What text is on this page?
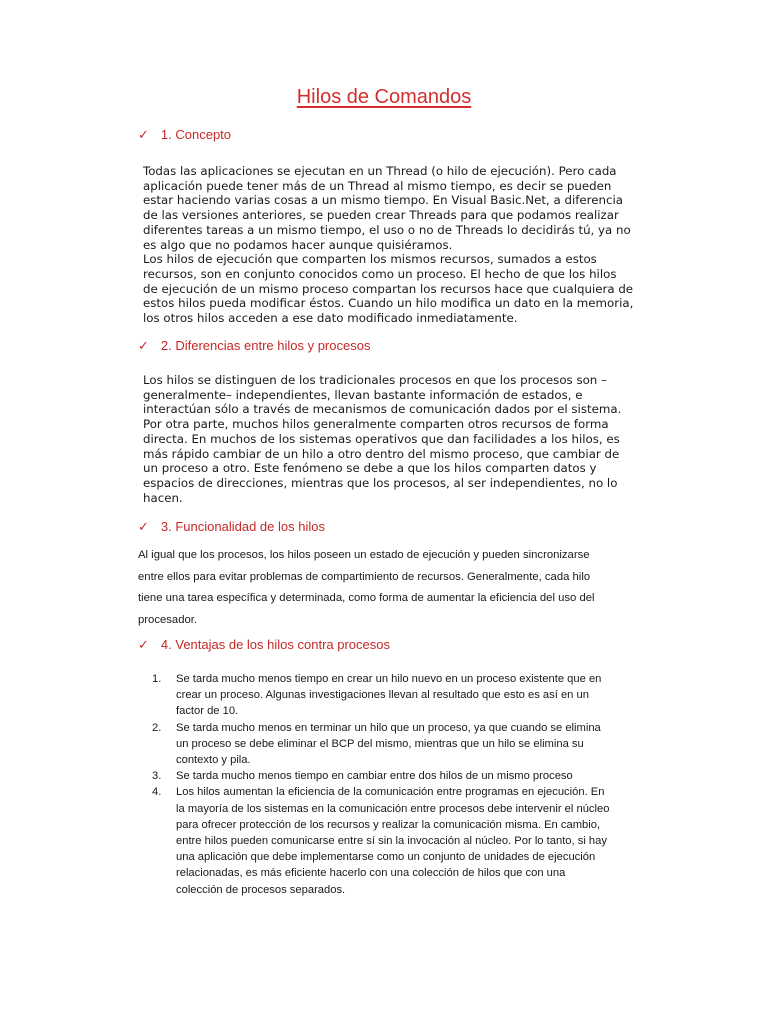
Hilos de Comandos
✓ 1. Concepto
Todas las aplicaciones se ejecutan en un Thread (o hilo de ejecución). Pero cada
aplicación puede tener más de un Thread al mismo tiempo, es decir se pueden
estar haciendo varias cosas a un mismo tiempo. En Visual Basic.Net, a diferencia
de las versiones anteriores, se pueden crear Threads para que podamos realizar
diferentes tareas a un mismo tiempo, el uso o no de Threads lo decidirás tú, ya no
es algo que no podamos hacer aunque quisiéramos.
Los hilos de ejecución que comparten los mismos recursos, sumados a estos
recursos, son en conjunto conocidos como un proceso. El hecho de que los hilos
de ejecución de un mismo proceso compartan los recursos hace que cualquiera de
estos hilos pueda modificar éstos. Cuando un hilo modifica un dato en la memoria,
los otros hilos acceden a ese dato modificado inmediatamente.
✓ 2. Diferencias entre hilos y procesos
Los hilos se distinguen de los tradicionales procesos en que los procesos son –
generalmente– independientes, llevan bastante información de estados, e
interactúan sólo a través de mecanismos de comunicación dados por el sistema.
Por otra parte, muchos hilos generalmente comparten otros recursos de forma
directa. En muchos de los sistemas operativos que dan facilidades a los hilos, es
más rápido cambiar de un hilo a otro dentro del mismo proceso, que cambiar de
un proceso a otro. Este fenómeno se debe a que los hilos comparten datos y
espacios de direcciones, mientras que los procesos, al ser independientes, no lo
hacen.
✓ 3. Funcionalidad de los hilos
Al igual que los procesos, los hilos poseen un estado de ejecución y pueden sincronizarse
entre ellos para evitar problemas de compartimiento de recursos. Generalmente, cada hilo
tiene una tarea específica y determinada, como forma de aumentar la eficiencia del uso del
procesador.
✓ 4. Ventajas de los hilos contra procesos
1. Se tarda mucho menos tiempo en crear un hilo nuevo en un proceso existente que en
crear un proceso. Algunas investigaciones llevan al resultado que esto es así en un
factor de 10.
2. Se tarda mucho menos en terminar un hilo que un proceso, ya que cuando se elimina
un proceso se debe eliminar el BCP del mismo, mientras que un hilo se elimina su
contexto y pila.
3. Se tarda mucho menos tiempo en cambiar entre dos hilos de un mismo proceso
4. Los hilos aumentan la eficiencia de la comunicación entre programas en ejecución. En
la mayoría de los sistemas en la comunicación entre procesos debe intervenir el núcleo
para ofrecer protección de los recursos y realizar la comunicación misma. En cambio,
entre hilos pueden comunicarse entre sí sin la invocación al núcleo. Por lo tanto, si hay
una aplicación que debe implementarse como un conjunto de unidades de ejecución
relacionadas, es más eficiente hacerlo con una colección de hilos que con una
colección de procesos separados.
